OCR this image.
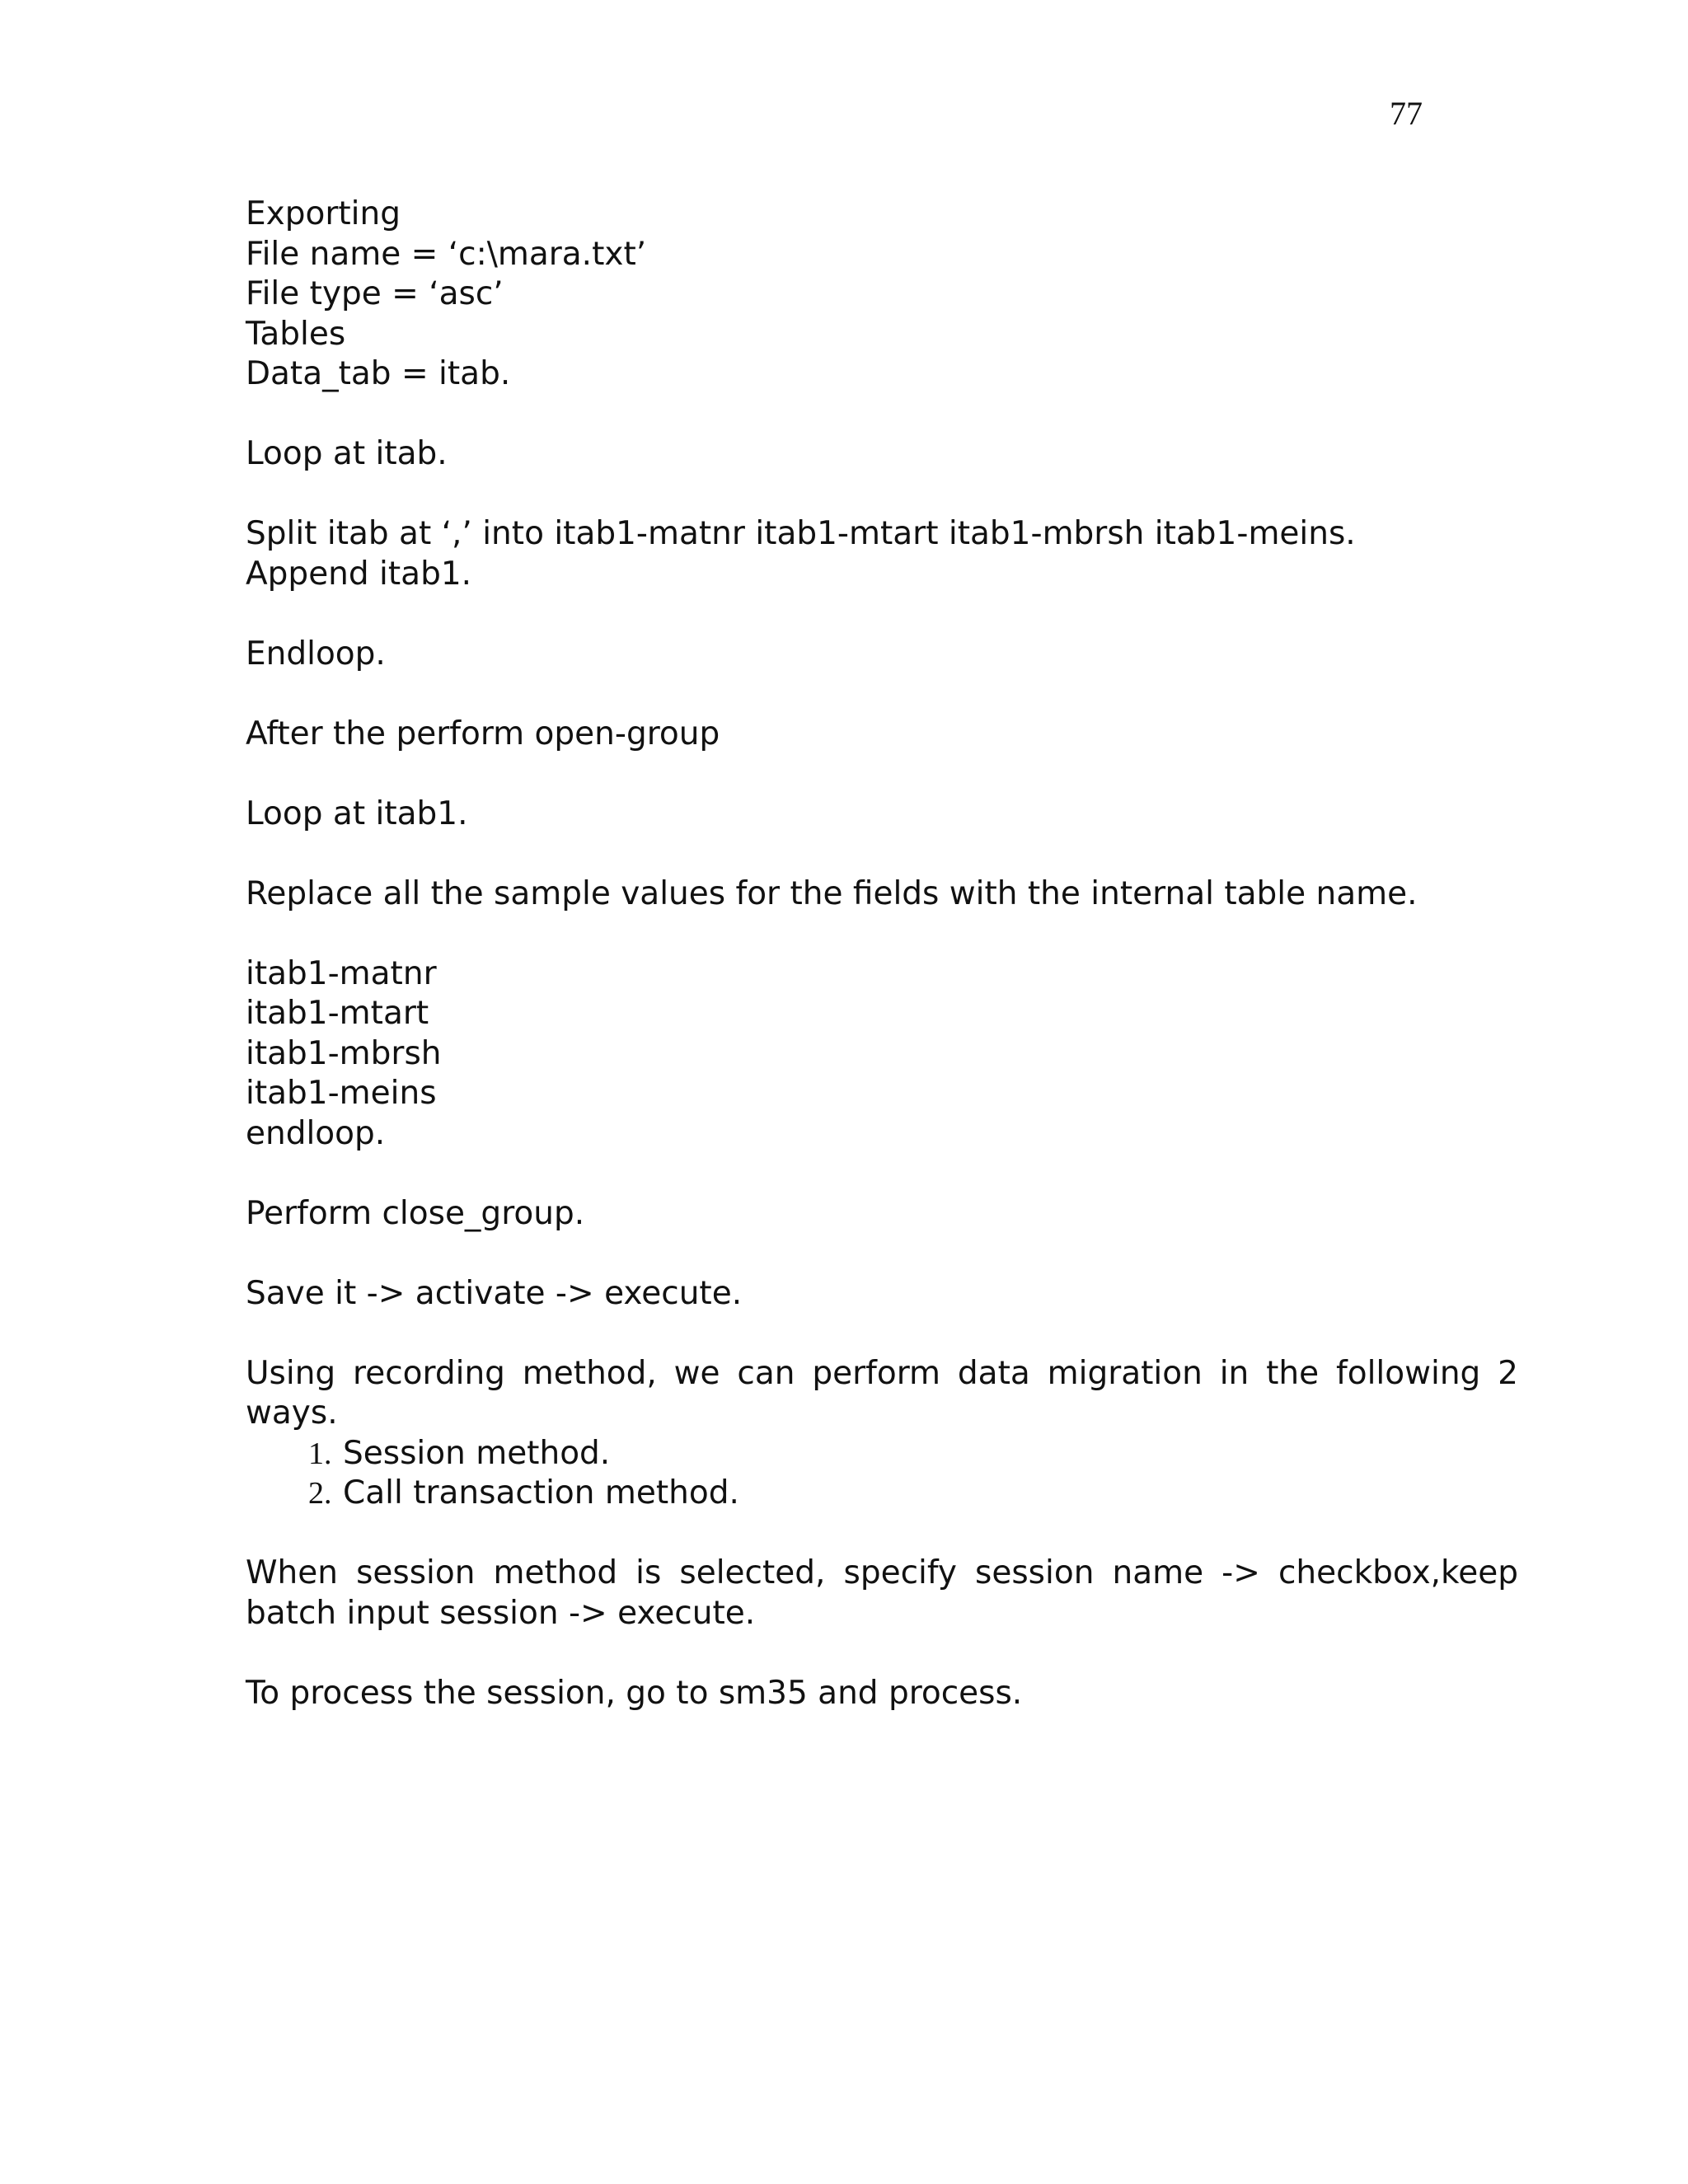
77
Exporting
File name = ‘c:\mara.txt’
File type = ‘asc’
Tables
Data_tab = itab.
Loop at itab.
Split itab at ‘,’ into itab1-matnr itab1-mtart itab1-mbrsh itab1-meins.
Append itab1.
Endloop.
After the perform open-group
Loop at itab1.
Replace all the sample values for the fields with the internal table name.
itab1-matnr
itab1-mtart
itab1-mbrsh
itab1-meins
endloop.
Perform close_group.
Save it -> activate -> execute.
Using recording method, we can perform data migration in the following 2 ways.
1. Session method.
2. Call transaction method.
When session method is selected, specify session name -> checkbox,keep batch input session -> execute.
To process the session, go to sm35 and process.
